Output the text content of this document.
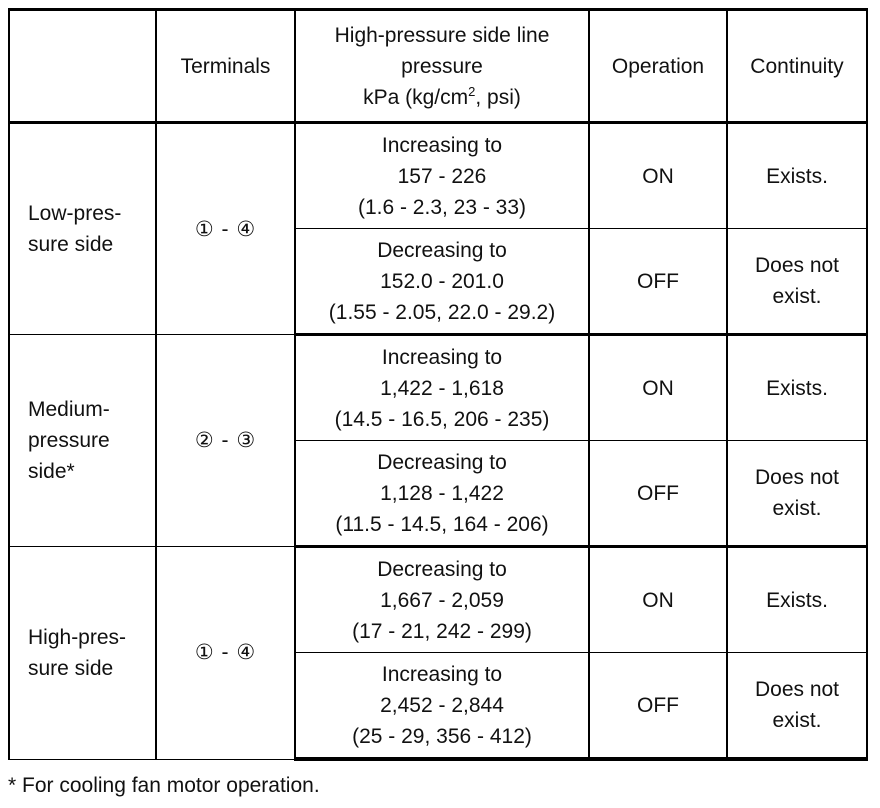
	Terminals	High-pressure side line
pressure
kPa ($kg/cm^2$, psi)	Operation	Continuity

Low-pres-
sure side	① - ④	Increasing to
157 - 226
(1.6 - 2.3, 23 - 33)	ON	Exists.

		Decreasing to
152.0 - 201.0
(1.55 - 2.05, 22.0 - 29.2)	OFF	Does not
exist.

Medium-
pressure
side*	② - ③	Increasing to
1,422 - 1,618
(14.5 - 16.5, 206 - 235)	ON	Exists.

		Decreasing to
1,128 - 1,422
(11.5 - 14.5, 164 - 206)	OFF	Does not
exist.

High-pres-
sure side	① - ④	Decreasing to
1,667 - 2,059
(17 - 21, 242 - 299)	ON	Exists.

		Increasing to
2,452 - 2,844
(25 - 29, 356 - 412)	OFF	Does not
exist.
* For cooling fan motor operation.
